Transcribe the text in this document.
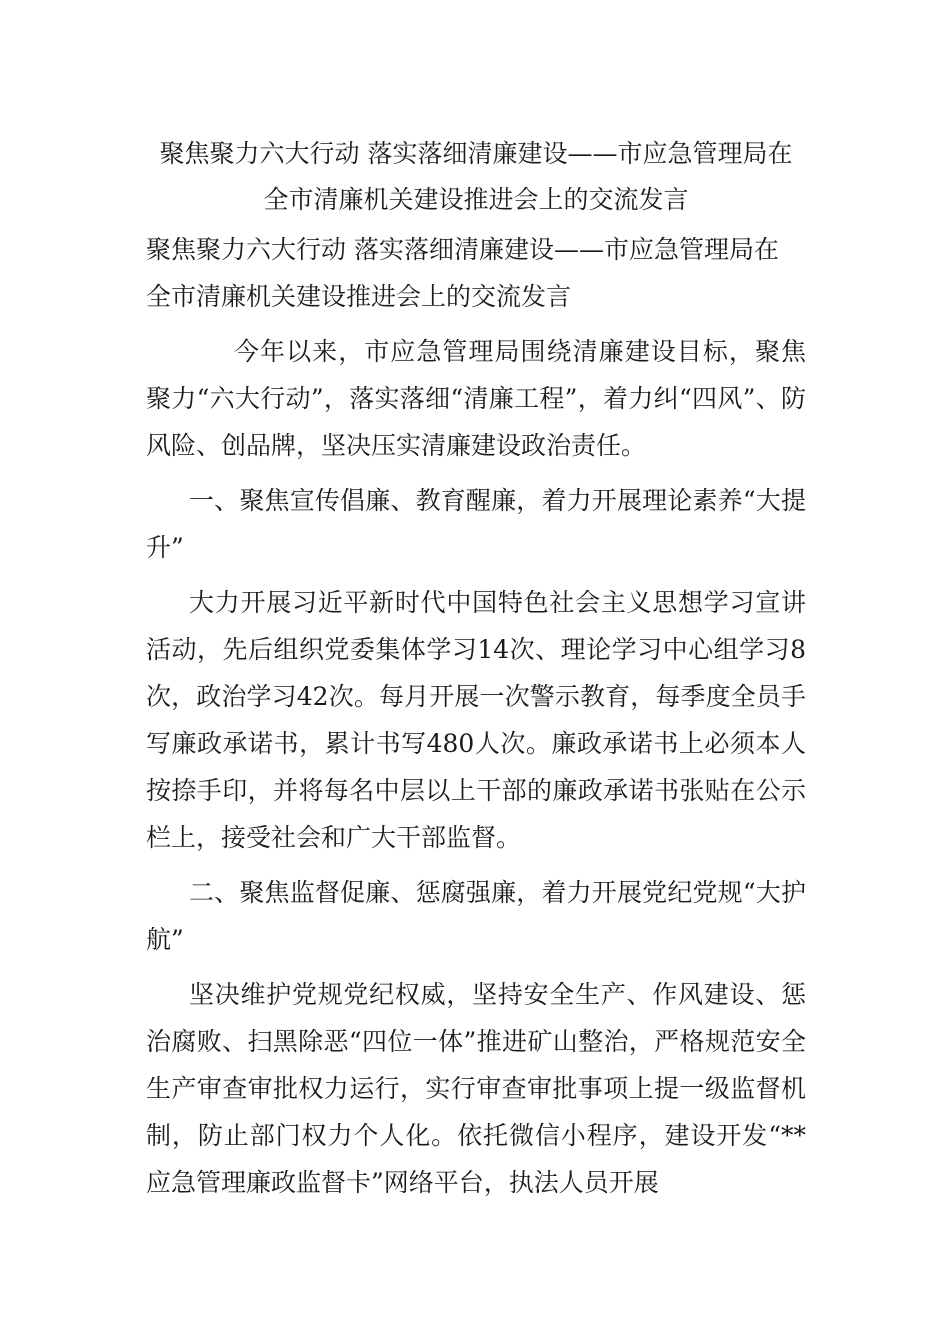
聚焦聚力六大行动 落实落细清廉建设——市应急管理局在
全市清廉机关建设推进会上的交流发言

聚焦聚力六大行动 落实落细清廉建设——市应急管理局在

全市清廉机关建设推进会上的交流发言

今年以来，市应急管理局围绕清廉建设目标，聚焦聚力“六大行动”，落实落细“清廉工程”，着力纠“四风”、防风险、创品牌，坚决压实清廉建设政治责任。

一、聚焦宣传倡廉、教育醒廉，着力开展理论素养“大提升”

大力开展习近平新时代中国特色社会主义思想学习宣讲活动，先后组织党委集体学习14次、理论学习中心组学习8次，政治学习42次。每月开展一次警示教育，每季度全员手写廉政承诺书，累计书写480人次。廉政承诺书上必须本人按捺手印，并将每名中层以上干部的廉政承诺书张贴在公示栏上，接受社会和广大干部监督。

二、聚焦监督促廉、惩腐强廉，着力开展党纪党规“大护航”

坚决维护党规党纪权威，坚持安全生产、作风建设、惩治腐败、扫黑除恶“四位一体”推进矿山整治，严格规范安全生产审查审批权力运行，实行审查审批事项上提一级监督机制，防止部门权力个人化。依托微信小程序，建设开发“**应急管理廉政监督卡”网络平台，执法人员开展
